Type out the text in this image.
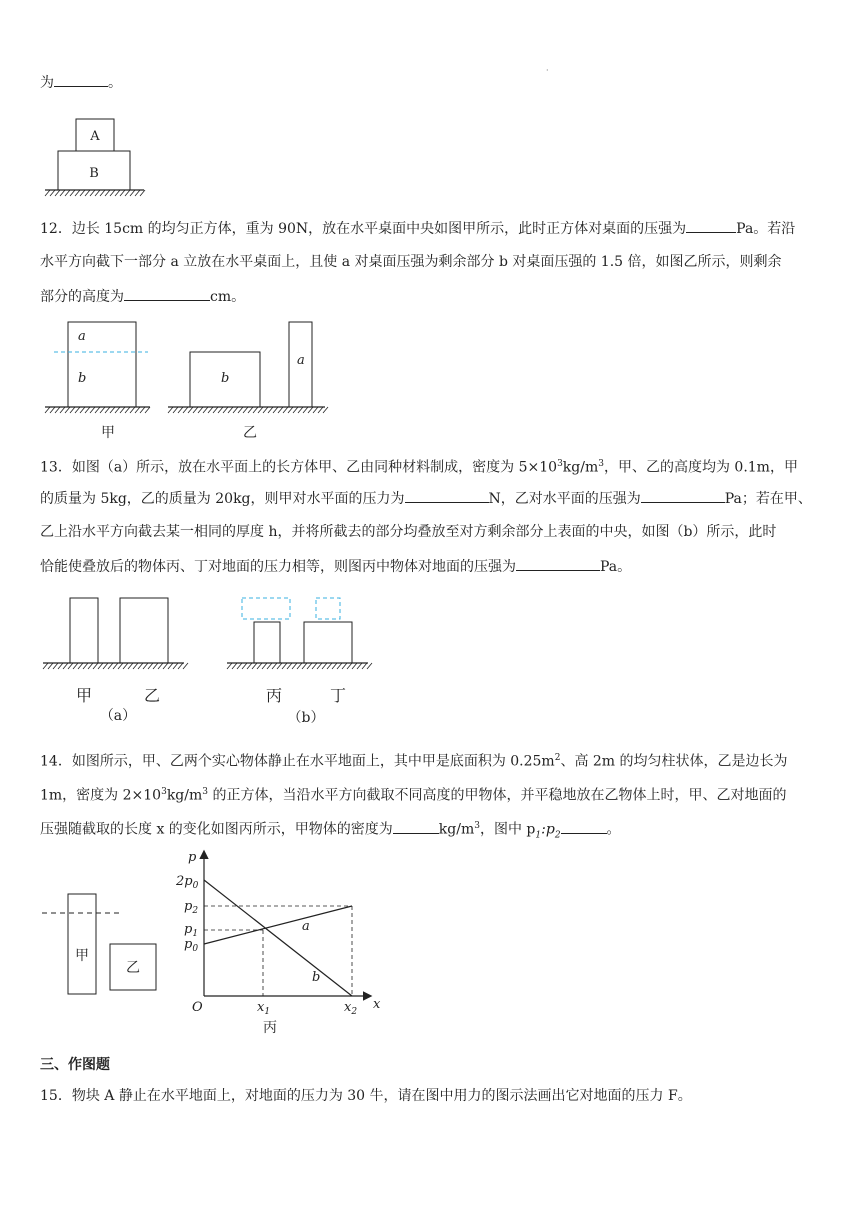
·
为	。
A
B
12．边长 15cm 的均匀正方体，重为 90N，放在水平桌面中央如图甲所示，此时正方体对桌面的压强为	Pa。若沿
水平方向截下一部分 a 立放在水平桌面上，且使 a 对桌面压强为剩余部分 b 对桌面压强的 1.5 倍，如图乙所示，则剩余
部分的高度为	cm。
a
b
甲
b
a
乙
13．如图（a）所示，放在水平面上的长方体甲、乙由同种材料制成，密度为 $5\times 10^3kg/m^3$，甲、乙的高度均为 0.1m，甲
的质量为 5kg，乙的质量为 20kg，则甲对水平面的压力为	N，乙对水平面的压强为	Pa；若在甲、
乙上沿水平方向截去某一相同的厚度 h，并将所截去的部分均叠放至对方剩余部分上表面的中央，如图（b）所示，此时
恰能使叠放后的物体丙、丁对地面的压力相等，则图丙中物体对地面的压强为	Pa。
甲	乙
（a）
丙	丁
（b）
14．如图所示，甲、乙两个实心物体静止在水平地面上，其中甲是底面积为 $0.25m^2$、高 2m 的均匀柱状体，乙是边长为
1m，密度为 $2\times 10^3kg/m^3$ 的正方体，当沿水平方向截取不同高度的甲物体，并平稳地放在乙物体上时，甲、乙对地面的
压强随截取的长度 x 的变化如图丙所示，甲物体的密度为	$kg/m^3$，图中 $p_1:p_2$	。
甲
乙
p
x
O
$2p_0$
$p_2$
$p_1$
$p_0$
$x_1$	$x_2$
a
b
丙
三、作图题
15．物块 A 静止在水平地面上，对地面的压力为 30 牛，请在图中用力的图示法画出它对地面的压力 F。
